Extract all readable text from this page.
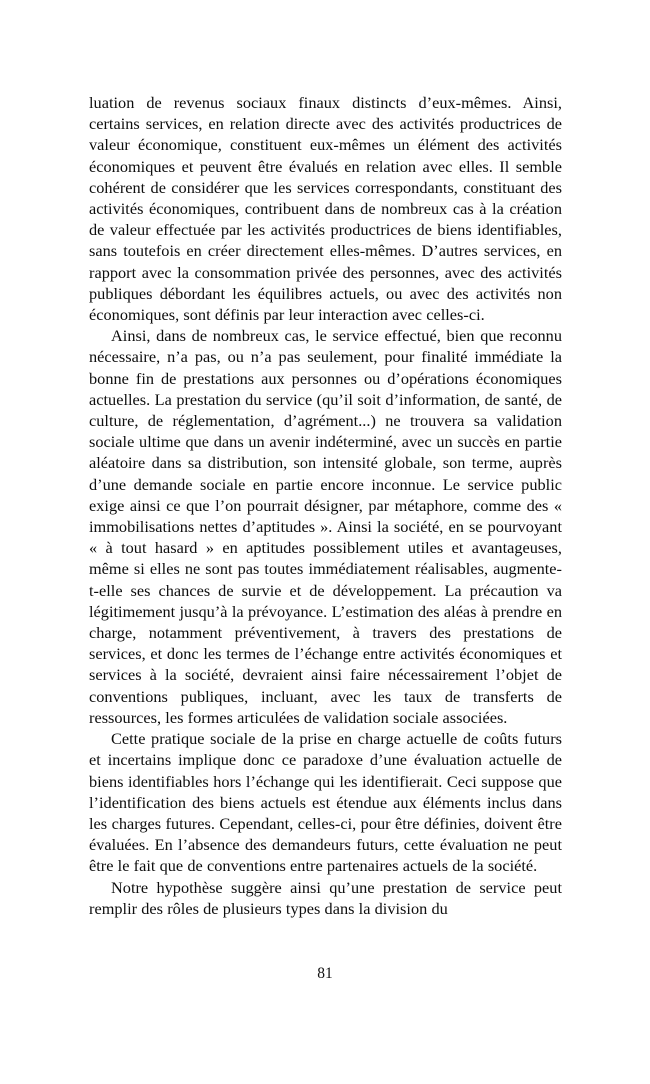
luation de revenus sociaux finaux distincts d’eux-mêmes. Ainsi, certains services, en relation directe avec des activités productrices de valeur économique, constituent eux-mêmes un élément des activités économiques et peuvent être évalués en relation avec elles. Il semble cohérent de considérer que les services correspondants, constituant des activités économiques, contribuent dans de nombreux cas à la création de valeur effectuée par les activités productrices de biens identifiables, sans toutefois en créer directement elles-mêmes. D’autres services, en rapport avec la consommation privée des personnes, avec des activités publiques débordant les équilibres actuels, ou avec des activités non économiques, sont définis par leur interaction avec celles-ci.

Ainsi, dans de nombreux cas, le service effectué, bien que reconnu nécessaire, n’a pas, ou n’a pas seulement, pour finalité immédiate la bonne fin de prestations aux personnes ou d’opérations économiques actuelles. La prestation du service (qu’il soit d’information, de santé, de culture, de réglementation, d’agrément...) ne trouvera sa validation sociale ultime que dans un avenir indéterminé, avec un succès en partie aléatoire dans sa distribution, son intensité globale, son terme, auprès d’une demande sociale en partie encore inconnue. Le service public exige ainsi ce que l’on pourrait désigner, par métaphore, comme des « immobilisations nettes d’aptitudes ». Ainsi la société, en se pourvoyant « à tout hasard » en aptitudes possiblement utiles et avantageuses, même si elles ne sont pas toutes immédiatement réalisables, augmente-t-elle ses chances de survie et de développement. La précaution va légitimement jusqu’à la prévoyance. L’estimation des aléas à prendre en charge, notamment préventivement, à travers des prestations de services, et donc les termes de l’échange entre activités économiques et services à la société, devraient ainsi faire nécessairement l’objet de conventions publiques, incluant, avec les taux de transferts de ressources, les formes articulées de validation sociale associées.

Cette pratique sociale de la prise en charge actuelle de coûts futurs et incertains implique donc ce paradoxe d’une évaluation actuelle de biens identifiables hors l’échange qui les identifierait. Ceci suppose que l’identification des biens actuels est étendue aux éléments inclus dans les charges futures. Cependant, celles-ci, pour être définies, doivent être évaluées. En l’absence des demandeurs futurs, cette évaluation ne peut être le fait que de conventions entre partenaires actuels de la société.

Notre hypothèse suggère ainsi qu’une prestation de service peut remplir des rôles de plusieurs types dans la division du

81
